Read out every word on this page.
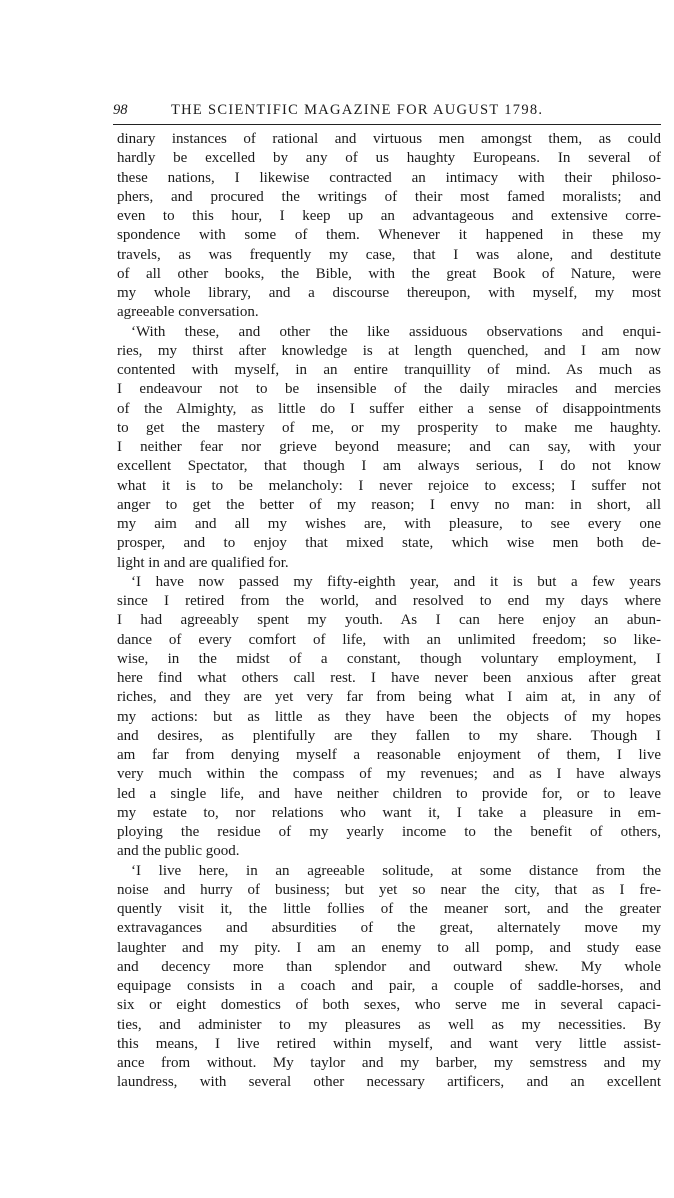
98	THE SCIENTIFIC MAGAZINE FOR AUGUST 1798.
dinary instances of rational and virtuous men amongst them, as could
hardly be excelled by any of us haughty Europeans. In several of
these nations, I likewise contracted an intimacy with their philoso-
phers, and procured the writings of their most famed moralists; and
even to this hour, I keep up an advantageous and extensive corre-
spondence with some of them. Whenever it happened in these my
travels, as was frequently my case, that I was alone, and destitute
of all other books, the Bible, with the great Book of Nature, were
my whole library, and a discourse thereupon, with myself, my most
agreeable conversation.
‘With these, and other the like assiduous observations and enqui-
ries, my thirst after knowledge is at length quenched, and I am now
contented with myself, in an entire tranquillity of mind. As much as
I endeavour not to be insensible of the daily miracles and mercies
of the Almighty, as little do I suffer either a sense of disappointments
to get the mastery of me, or my prosperity to make me haughty.
I neither fear nor grieve beyond measure; and can say, with your
excellent Spectator, that though I am always serious, I do not know
what it is to be melancholy: I never rejoice to excess; I suffer not
anger to get the better of my reason; I envy no man: in short, all
my aim and all my wishes are, with pleasure, to see every one
prosper, and to enjoy that mixed state, which wise men both de-
light in and are qualified for.
‘I have now passed my fifty-eighth year, and it is but a few years
since I retired from the world, and resolved to end my days where
I had agreeably spent my youth. As I can here enjoy an abun-
dance of every comfort of life, with an unlimited freedom; so like-
wise, in the midst of a constant, though voluntary employment, I
here find what others call rest. I have never been anxious after great
riches, and they are yet very far from being what I aim at, in any of
my actions: but as little as they have been the objects of my hopes
and desires, as plentifully are they fallen to my share. Though I
am far from denying myself a reasonable enjoyment of them, I live
very much within the compass of my revenues; and as I have always
led a single life, and have neither children to provide for, or to leave
my estate to, nor relations who want it, I take a pleasure in em-
ploying the residue of my yearly income to the benefit of others,
and the public good.
‘I live here, in an agreeable solitude, at some distance from the
noise and hurry of business; but yet so near the city, that as I fre-
quently visit it, the little follies of the meaner sort, and the greater
extravagances and absurdities of the great, alternately move my
laughter and my pity. I am an enemy to all pomp, and study ease
and decency more than splendor and outward shew. My whole
equipage consists in a coach and pair, a couple of saddle-horses, and
six or eight domestics of both sexes, who serve me in several capaci-
ties, and administer to my pleasures as well as my necessities. By
this means, I live retired within myself, and want very little assist-
ance from without. My taylor and my barber, my semstress and my
laundress, with several other necessary artificers, and an excellent
